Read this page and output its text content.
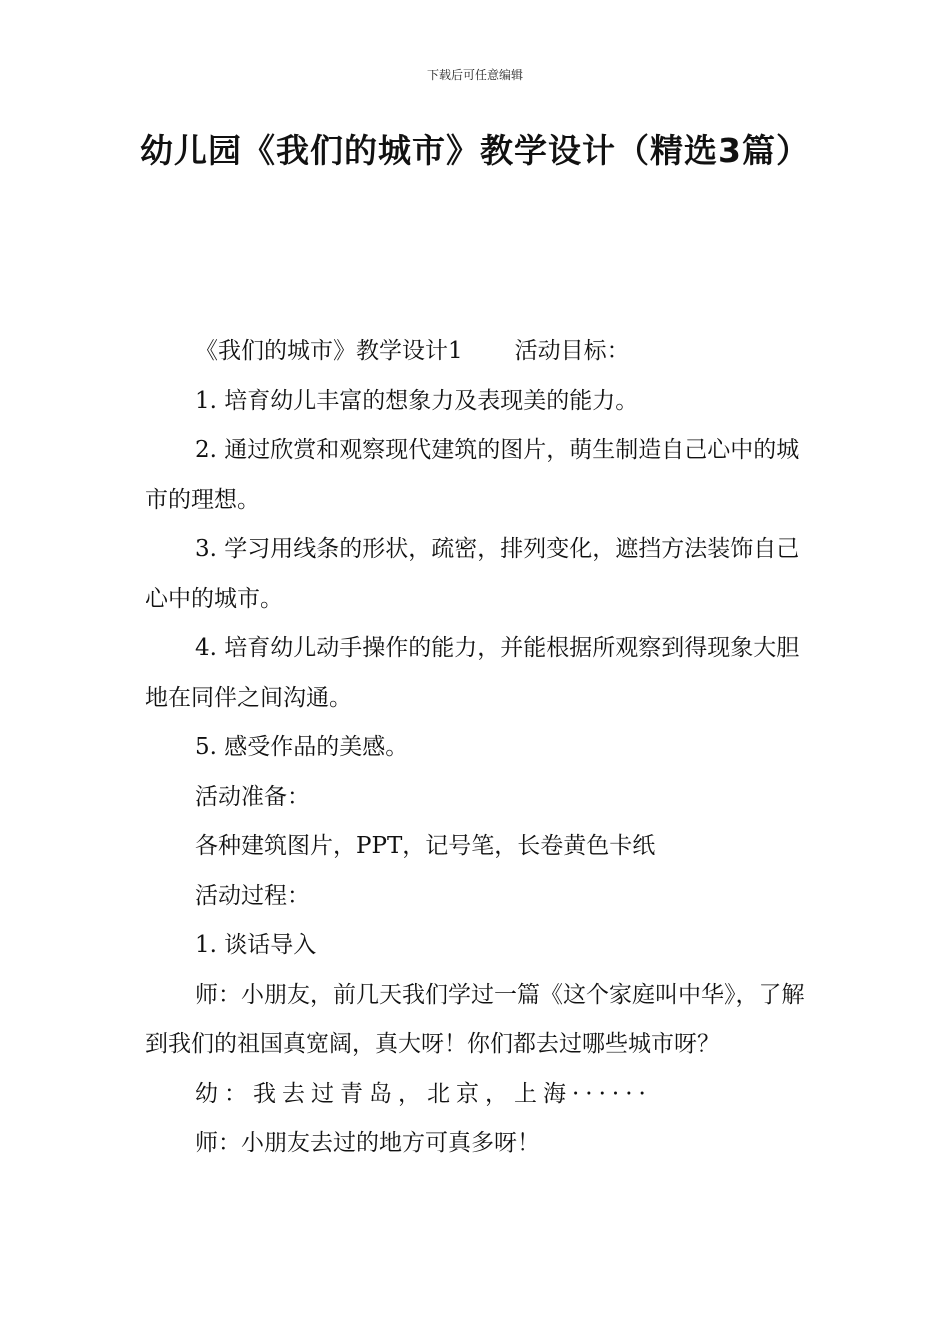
下载后可任意编辑
幼儿园《我们的城市》教学设计（精选3篇）

《我们的城市》教学设计1 活动目标：

1. 培育幼儿丰富的想象力及表现美的能力。

2. 通过欣赏和观察现代建筑的图片，萌生制造自己心中的城市的理想。

3. 学习用线条的形状，疏密，排列变化，遮挡方法装饰自己心中的城市。

4. 培育幼儿动手操作的能力，并能根据所观察到得现象大胆地在同伴之间沟通。

5. 感受作品的美感。

活动准备：

各种建筑图片，PPT，记号笔，长卷黄色卡纸

活动过程：

1. 谈话导入

师：小朋友，前几天我们学过一篇《这个家庭叫中华》，了解到我们的祖国真宽阔，真大呀！你们都去过哪些城市呀？

幼：我去过青岛，北京，上海······

师：小朋友去过的地方可真多呀！
